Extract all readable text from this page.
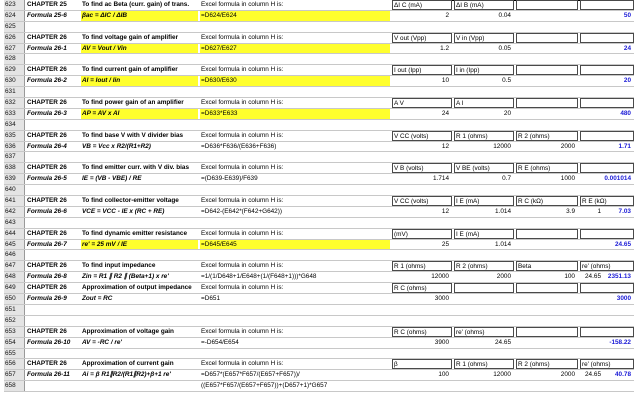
623	CHAPTER 25	To find ac Beta (curr. gain) of trans.	Excel formula in column H is:	ΔI C (mA)	ΔI B (mA)
624	Formula 25-6	βac = ΔIC / ΔIB	=D624/E624	2	0.04	50
625
626	CHAPTER 26	To find voltage gain of amplifier	Excel formula in column H is:	V out (Vpp)	V in (Vpp)
627	Formula 26-1	AV = Vout / Vin	=D627/E627	1.2	0.05	24
628
629	CHAPTER 26	To find current gain of amplifier	Excel formula in column H is:	I out (Ipp)	I in (Ipp)
630	Formula 26-2	AI = Iout / Iin	=D630/E630	10	0.5	20
631
632	CHAPTER 26	To find power gain of an amplifier	Excel formula in column H is:	A V	A I
633	Formula 26-3	AP = AV x AI	=D633*E633	24	20	480
634
635	CHAPTER 26	To find base V with V divider bias	Excel formula in column H is:	V CC (volts)	R 1 (ohms)	R 2 (ohms)
636	Formula 26-4	VB = Vcc x R2/(R1+R2)	=D636*F636/(E636+F636)	12	12000	2000	1.71
637
638	CHAPTER 26	To find emitter curr. with V div. bias	Excel formula in column H is:	V B (volts)	V BE (volts)	R E (ohms)
639	Formula 26-5	IE = (VB - VBE) / RE	=(D639-E639)/F639	1.714	0.7	1000	0.001014
640
641	CHAPTER 26	To find collector-emitter voltage	Excel formula in column H is:	V CC (volts)	I E (mA)	R C (kΩ)	R E (kΩ)
642	Formula 26-6	VCE = VCC - IE x (RC + RE)	=D642-(E642*(F642+G642))	12	1.014	3.9	1	7.03
643
644	CHAPTER 26	To find dynamic emitter resistance	Excel formula in column H is:	(mV)	I E (mA)
645	Formula 26-7	re' = 25 mV / IE	=D645/E645	25	1.014	24.65
646
647	CHAPTER 26	To find input impedance	Excel formula in column H is:	R 1 (ohms)	R 2 (ohms)	Beta	re' (ohms)
648	Formula 26-8	Zin = R1 ∥ R2 ∥ (Beta+1) x re'	=1/(1/D648+1/E648+(1/(F648+1)))*G648	12000	2000	100	24.65	2351.13
649	CHAPTER 26	Approximation of output impedance	Excel formula in column H is:	R C (ohms)
650	Formula 26-9	Zout = RC	=D651	3000	3000
651
652
653	CHAPTER 26	Approximation of voltage gain	Excel formula in column H is:	R C (ohms)	re' (ohms)
654	Formula 26-10	AV = -RC / re'	=-D654/E654	3900	24.65	-158.22
655
656	CHAPTER 26	Approximation of current gain	Excel formula in column H is:	β	R 1 (ohms)	R 2 (ohms)	re' (ohms)
657	Formula 26-11	Ai = β R1∥R2/(R1∥R2)+β+1 re'	=D657*(E657*F657/(E657+F657))/	100	12000	2000	24.65	40.78
658	((E657*F657/(E657+F657))+(D657+1)*G657
